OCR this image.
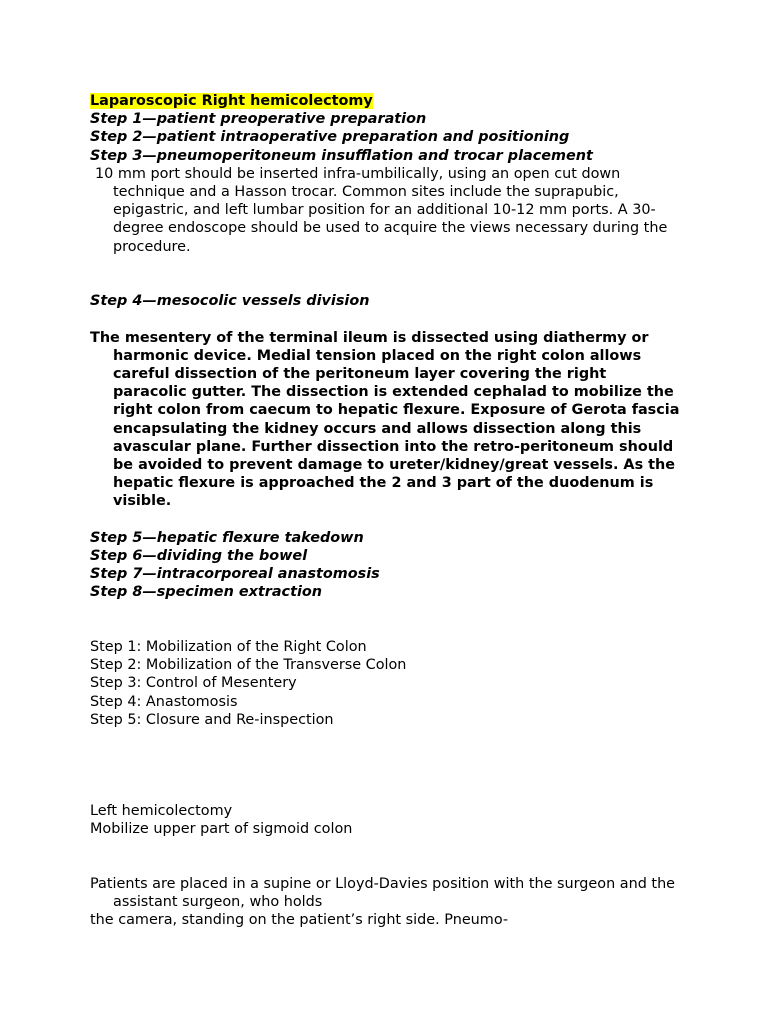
Laparoscopic Right hemicolectomy

Step 1—patient preoperative preparation

Step 2—patient intraoperative preparation and positioning

Step 3—pneumoperitoneum insufflation and trocar placement

10 mm port should be inserted infra-umbilically, using an open cut down technique and a Hasson trocar. Common sites include the suprapubic, epigastric, and left lumbar position for an additional 10-12 mm ports. A 30-degree endoscope should be used to acquire the views necessary during the procedure.

Step 4—mesocolic vessels division

The mesentery of the terminal ileum is dissected using diathermy or harmonic device. Medial tension placed on the right colon allows careful dissection of the peritoneum layer covering the right paracolic gutter. The dissection is extended cephalad to mobilize the right colon from caecum to hepatic flexure. Exposure of Gerota fascia encapsulating the kidney occurs and allows dissection along this avascular plane. Further dissection into the retro-peritoneum should be avoided to prevent damage to ureter/kidney/great vessels. As the hepatic flexure is approached the 2 and 3 part of the duodenum is visible.

Step 5—hepatic flexure takedown

Step 6—dividing the bowel

Step 7—intracorporeal anastomosis

Step 8—specimen extraction

Step 1: Mobilization of the Right Colon

Step 2: Mobilization of the Transverse Colon

Step 3: Control of Mesentery

Step 4: Anastomosis

Step 5: Closure and Re-inspection

Left hemicolectomy

Mobilize upper part of sigmoid colon

Patients are placed in a supine or Lloyd-Davies position with the surgeon and the assistant surgeon, who holds

the camera, standing on the patient’s right side. Pneumo-
